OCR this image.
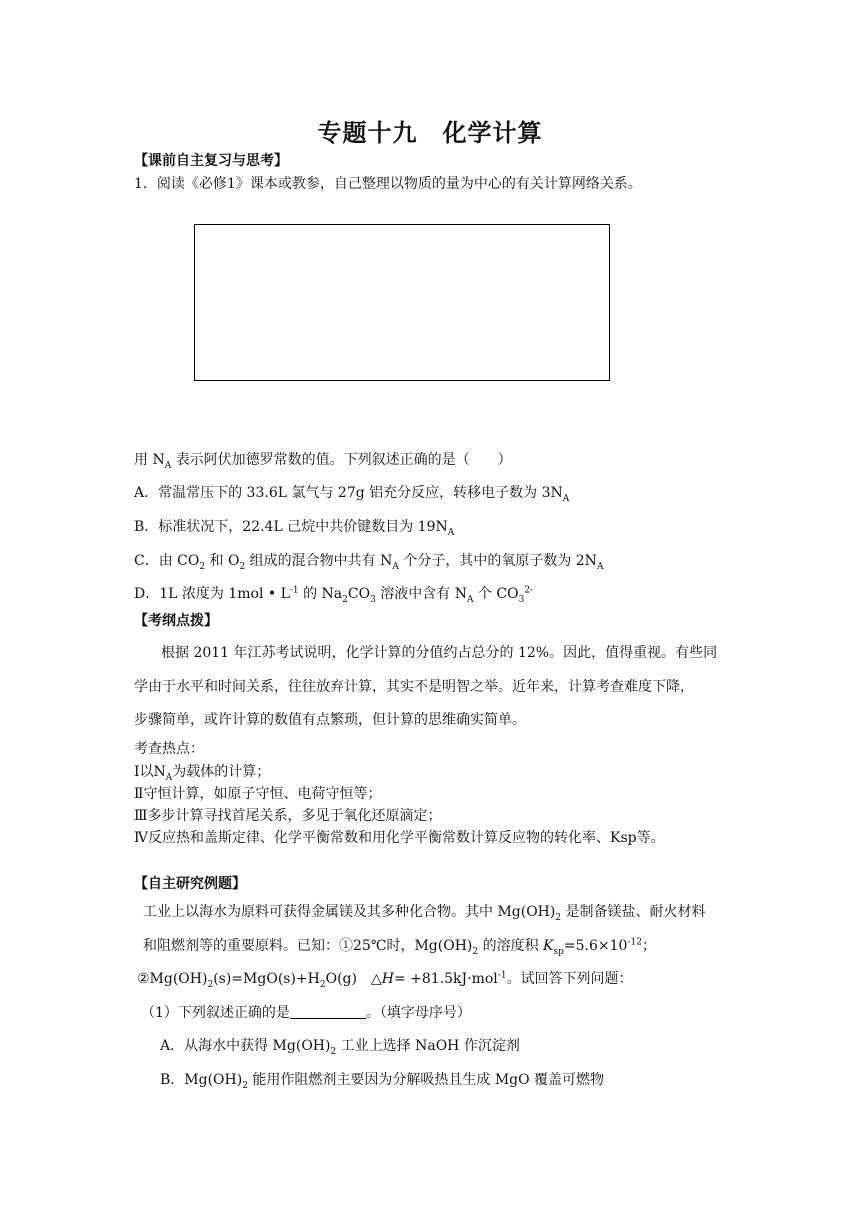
专题十九　化学计算
【课前自主复习与思考】
1．阅读《必修1》课本或教参，自己整理以物质的量为中心的有关计算网络关系。
用 $N_A$ 表示阿伏加德罗常数的值。下列叙述正确的是（　　）
A．常温常压下的 33.6L 氯气与 27g 铝充分反应，转移电子数为 $3N_A$
B．标准状况下，22.4L 己烷中共价键数目为 $19N_A$
C．由 $CO_2$ 和 $O_2$ 组成的混合物中共有 $N_A$ 个分子，其中的氧原子数为 $2N_A$
D．1L 浓度为 1mol • $L^{-1}$ 的 $Na_2CO_3$ 溶液中含有 $N_A$ 个 $CO_3^{2-}$
【考纲点拨】
根据 2011 年江苏考试说明，化学计算的分值约占总分的 12%。因此，值得重视。有些同
学由于水平和时间关系，往往放弃计算，其实不是明智之举。近年来，计算考查难度下降，
步骤简单，或许计算的数值有点繁琐，但计算的思维确实简单。
考查热点：
Ⅰ以$N_A$为载体的计算；
Ⅱ守恒计算，如原子守恒、电荷守恒等；
Ⅲ多步计算寻找首尾关系，多见于氧化还原滴定；
Ⅳ反应热和盖斯定律、化学平衡常数和用化学平衡常数计算反应物的转化率、Ksp等。
【自主研究例题】
工业上以海水为原料可获得金属镁及其多种化合物。其中 $Mg(OH)_2$ 是制备镁盐、耐火材料
和阻燃剂等的重要原料。已知：①25℃时，$Mg(OH)_2$ 的溶度积 $K_{sp}=5.6\times 10^{-12}$；
$②Mg(OH)_2(s)=MgO(s)+H_2O(g)$　△H= +81.5kJ·mol$^{-1}$。试回答下列问题：
（1）下列叙述正确的是	。（填字母序号）
A．从海水中获得 $Mg(OH)_2$ 工业上选择 NaOH 作沉淀剂
B．$Mg(OH)_2$ 能用作阻燃剂主要因为分解吸热且生成 MgO 覆盖可燃物
